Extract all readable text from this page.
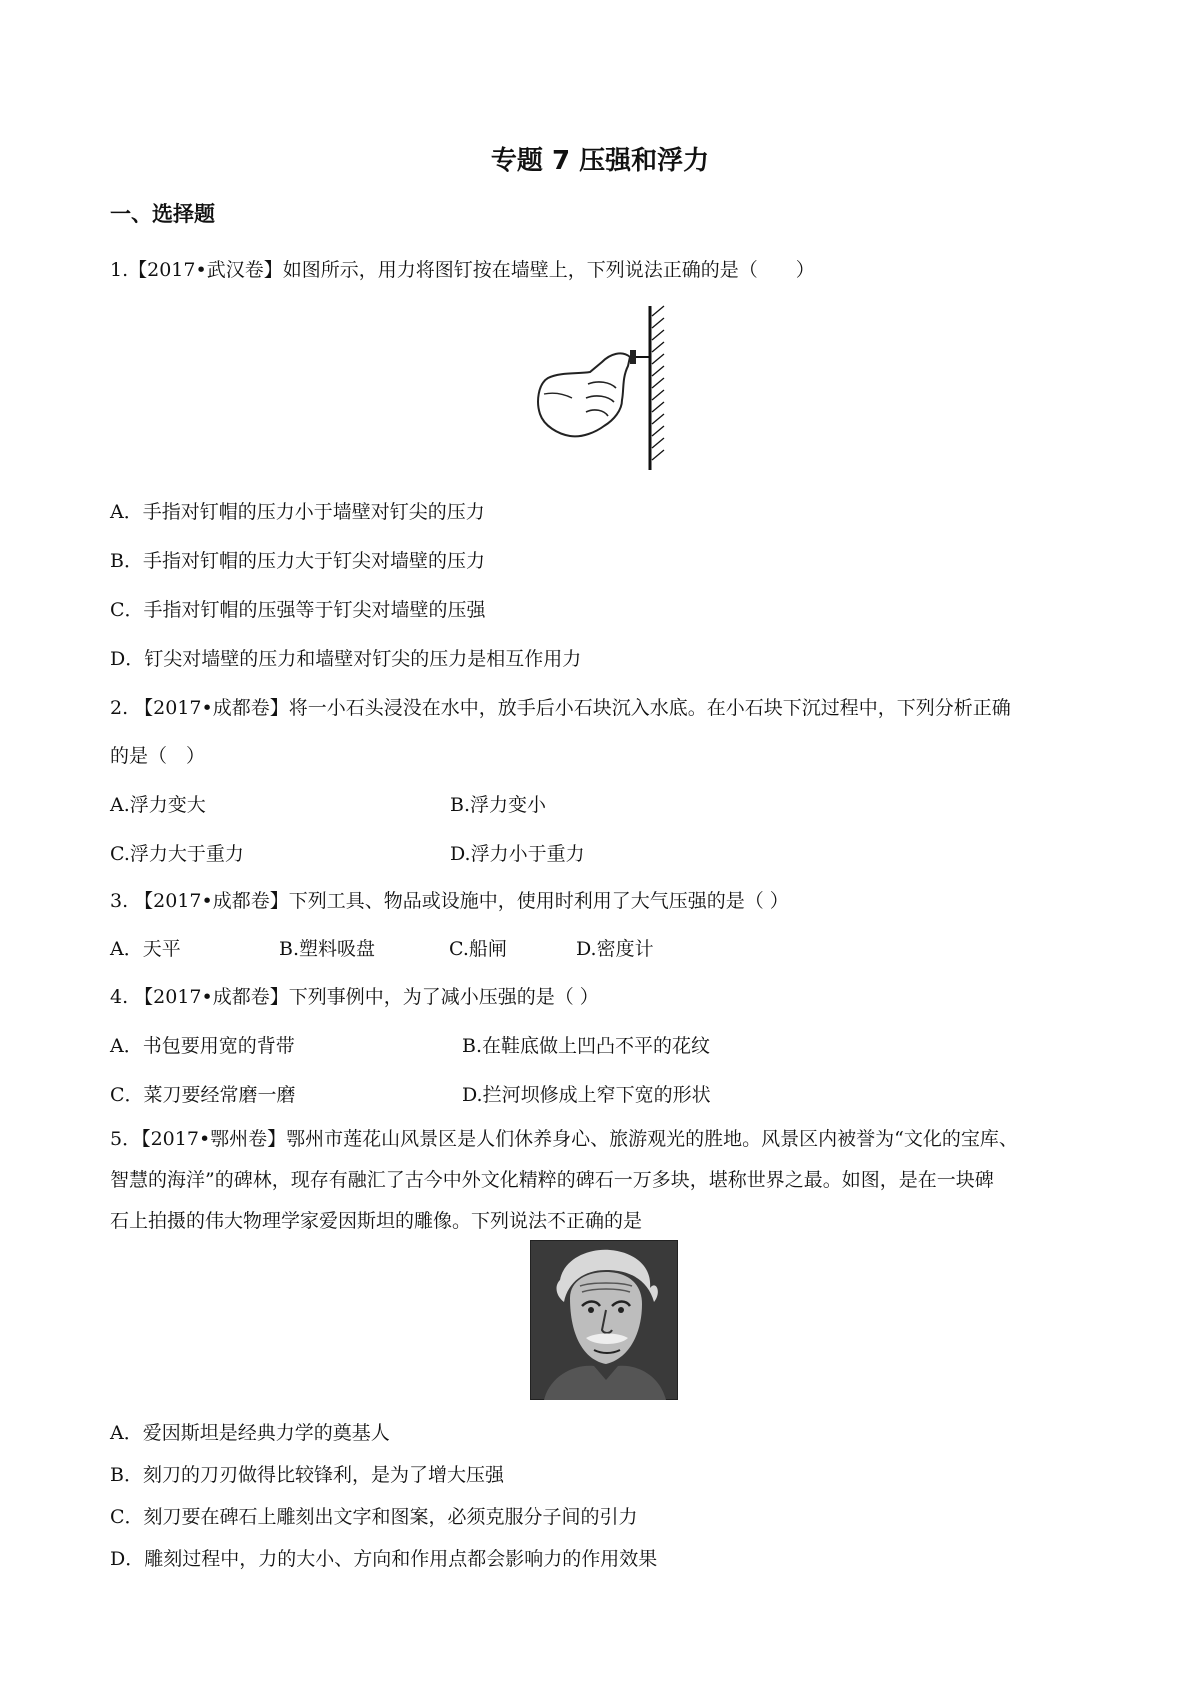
专题 7 压强和浮力
一、选择题
1.【2017•武汉卷】如图所示，用力将图钉按在墙壁上，下列说法正确的是（　　）
A．手指对钉帽的压力小于墙壁对钉尖的压力
B．手指对钉帽的压力大于钉尖对墙壁的压力
C．手指对钉帽的压强等于钉尖对墙壁的压强
D．钉尖对墙壁的压力和墙壁对钉尖的压力是相互作用力
2. 【2017•成都卷】将一小石头浸没在水中，放手后小石块沉入水底。在小石块下沉过程中，下列分析正确
的是（　）
A.浮力变大	B.浮力变小
C.浮力大于重力	D.浮力小于重力
3. 【2017•成都卷】下列工具、物品或设施中，使用时利用了大气压强的是（ ）
A．天平	B.塑料吸盘	C.船闸	D.密度计
4. 【2017•成都卷】下列事例中，为了减小压强的是（ ）
A．书包要用宽的背带	B.在鞋底做上凹凸不平的花纹
C．菜刀要经常磨一磨	D.拦河坝修成上窄下宽的形状
5．【2017•鄂州卷】鄂州市莲花山风景区是人们休养身心、旅游观光的胜地。风景区内被誉为“文化的宝库、
智慧的海洋”的碑林，现存有融汇了古今中外文化精粹的碑石一万多块，堪称世界之最。如图，是在一块碑
石上拍摄的伟大物理学家爱因斯坦的雕像。下列说法不正确的是
A．爱因斯坦是经典力学的奠基人
B．刻刀的刀刃做得比较锋利，是为了增大压强
C．刻刀要在碑石上雕刻出文字和图案，必须克服分子间的引力
D．雕刻过程中，力的大小、方向和作用点都会影响力的作用效果
